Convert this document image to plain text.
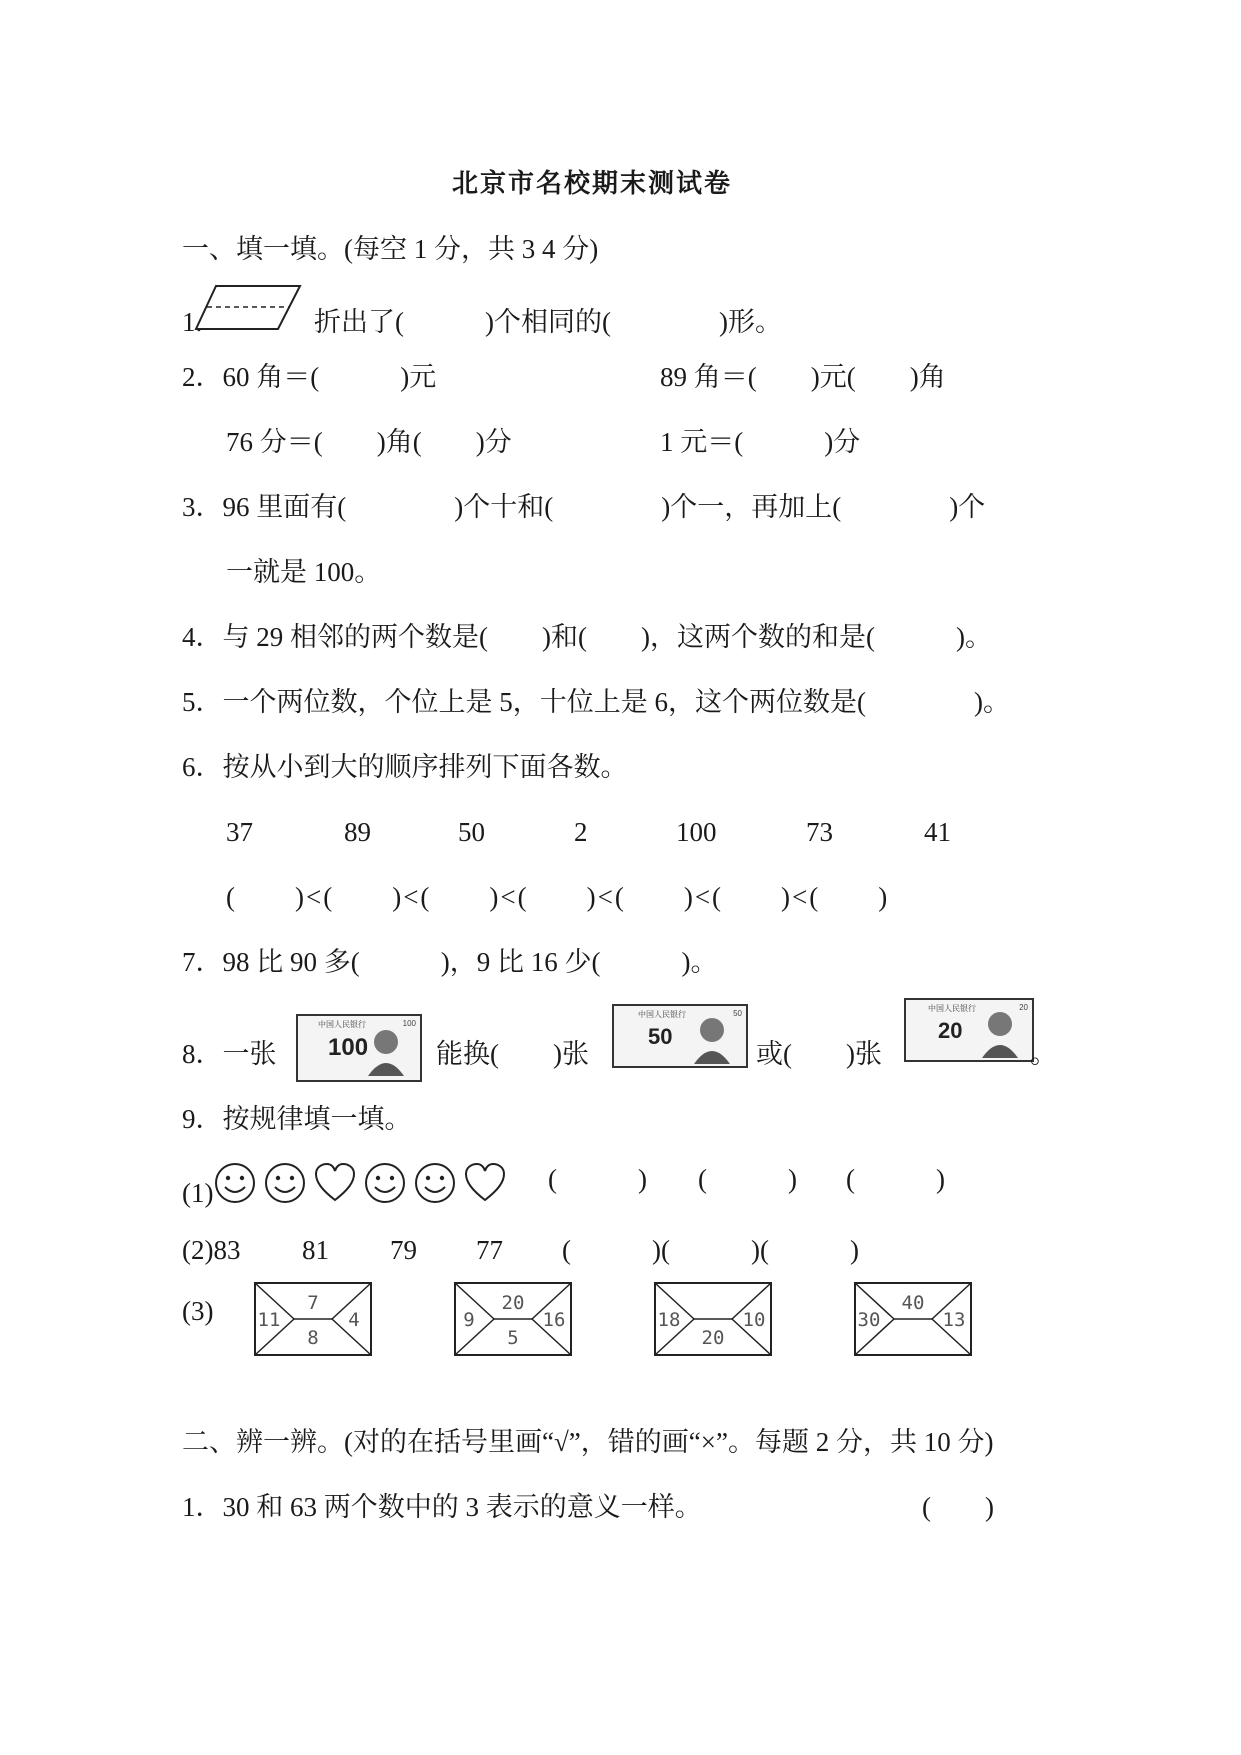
北京市名校期末测试卷
一、填一填。(每空 1 分，共 3 4 分)
1.	折出了(　　　)个相同的(　　　　)形。
2．60 角＝(　　　)元	89 角＝(　　)元(　　)角
76 分＝(　　)角(　　)分	1 元＝(　　　)分
3．96 里面有(　　　　)个十和(　　　　)个一，再加上(　　　　)个
一就是 100。
4．与 29 相邻的两个数是(　　)和(　　)，这两个数的和是(　　　)。
5．一个两位数，个位上是 5，十位上是 6，这个两位数是(　　　　)。
6．按从小到大的顺序排列下面各数。
37	89	50	2	100	73	41
(　　)<(　　)<(　　)<(　　)<(　　)<(　　)<(　　)
7．98 比 90 多(　　　)，9 比 16 少(　　　)。
8．一张
中国人民银行
100
100
能换(　　)张
中国人民银行
50
50
或(　　)张
中国人民银行
20
20
。
9．按规律填一填。
(1)	(　　　) (　　　) (　　　)
(2)83 81 79 77 (　　　)(　　　)(　　　)
(3)	7
11	4
8
20
9	16
5
18	10
20
40
30	13
二、辨一辨。(对的在括号里画“√”，错的画“×”。每题 2 分，共 10 分)
1．30 和 63 两个数中的 3 表示的意义一样。	(　　)
